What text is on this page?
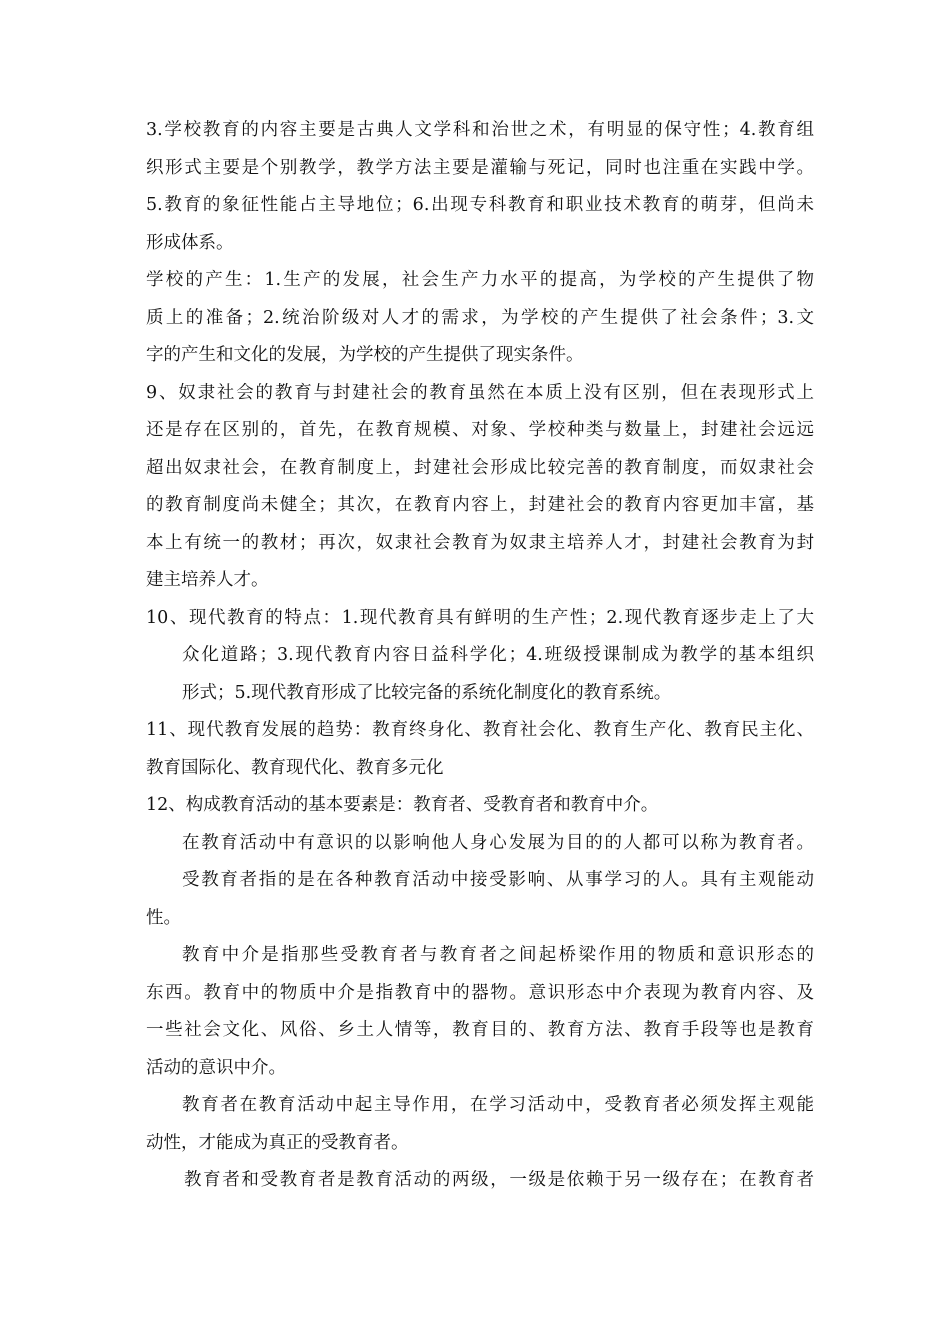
3.学校教育的内容主要是古典人文学科和治世之术，有明显的保守性；4.教育组
织形式主要是个别教学，教学方法主要是灌输与死记，同时也注重在实践中学。
5.教育的象征性能占主导地位；6.出现专科教育和职业技术教育的萌芽，但尚未
形成体系。
学校的产生：1.生产的发展，社会生产力水平的提高，为学校的产生提供了物
质上的准备；2.统治阶级对人才的需求，为学校的产生提供了社会条件；3.文
字的产生和文化的发展，为学校的产生提供了现实条件。
9、奴隶社会的教育与封建社会的教育虽然在本质上没有区别，但在表现形式上
还是存在区别的，首先，在教育规模、对象、学校种类与数量上，封建社会远远
超出奴隶社会，在教育制度上，封建社会形成比较完善的教育制度，而奴隶社会
的教育制度尚未健全；其次，在教育内容上，封建社会的教育内容更加丰富，基
本上有统一的教材；再次，奴隶社会教育为奴隶主培养人才，封建社会教育为封
建主培养人才。
10、现代教育的特点：1.现代教育具有鲜明的生产性；2.现代教育逐步走上了大
众化道路；3.现代教育内容日益科学化；4.班级授课制成为教学的基本组织
形式；5.现代教育形成了比较完备的系统化制度化的教育系统。
11、现代教育发展的趋势：教育终身化、教育社会化、教育生产化、教育民主化、
教育国际化、教育现代化、教育多元化
12、构成教育活动的基本要素是：教育者、受教育者和教育中介。
在教育活动中有意识的以影响他人身心发展为目的的人都可以称为教育者。
受教育者指的是在各种教育活动中接受影响、从事学习的人。具有主观能动
性。
教育中介是指那些受教育者与教育者之间起桥梁作用的物质和意识形态的
东西。教育中的物质中介是指教育中的器物。意识形态中介表现为教育内容、及
一些社会文化、风俗、乡土人情等，教育目的、教育方法、教育手段等也是教育
活动的意识中介。
教育者在教育活动中起主导作用，在学习活动中，受教育者必须发挥主观能
动性，才能成为真正的受教育者。
教育者和受教育者是教育活动的两级，一级是依赖于另一级存在；在教育者
